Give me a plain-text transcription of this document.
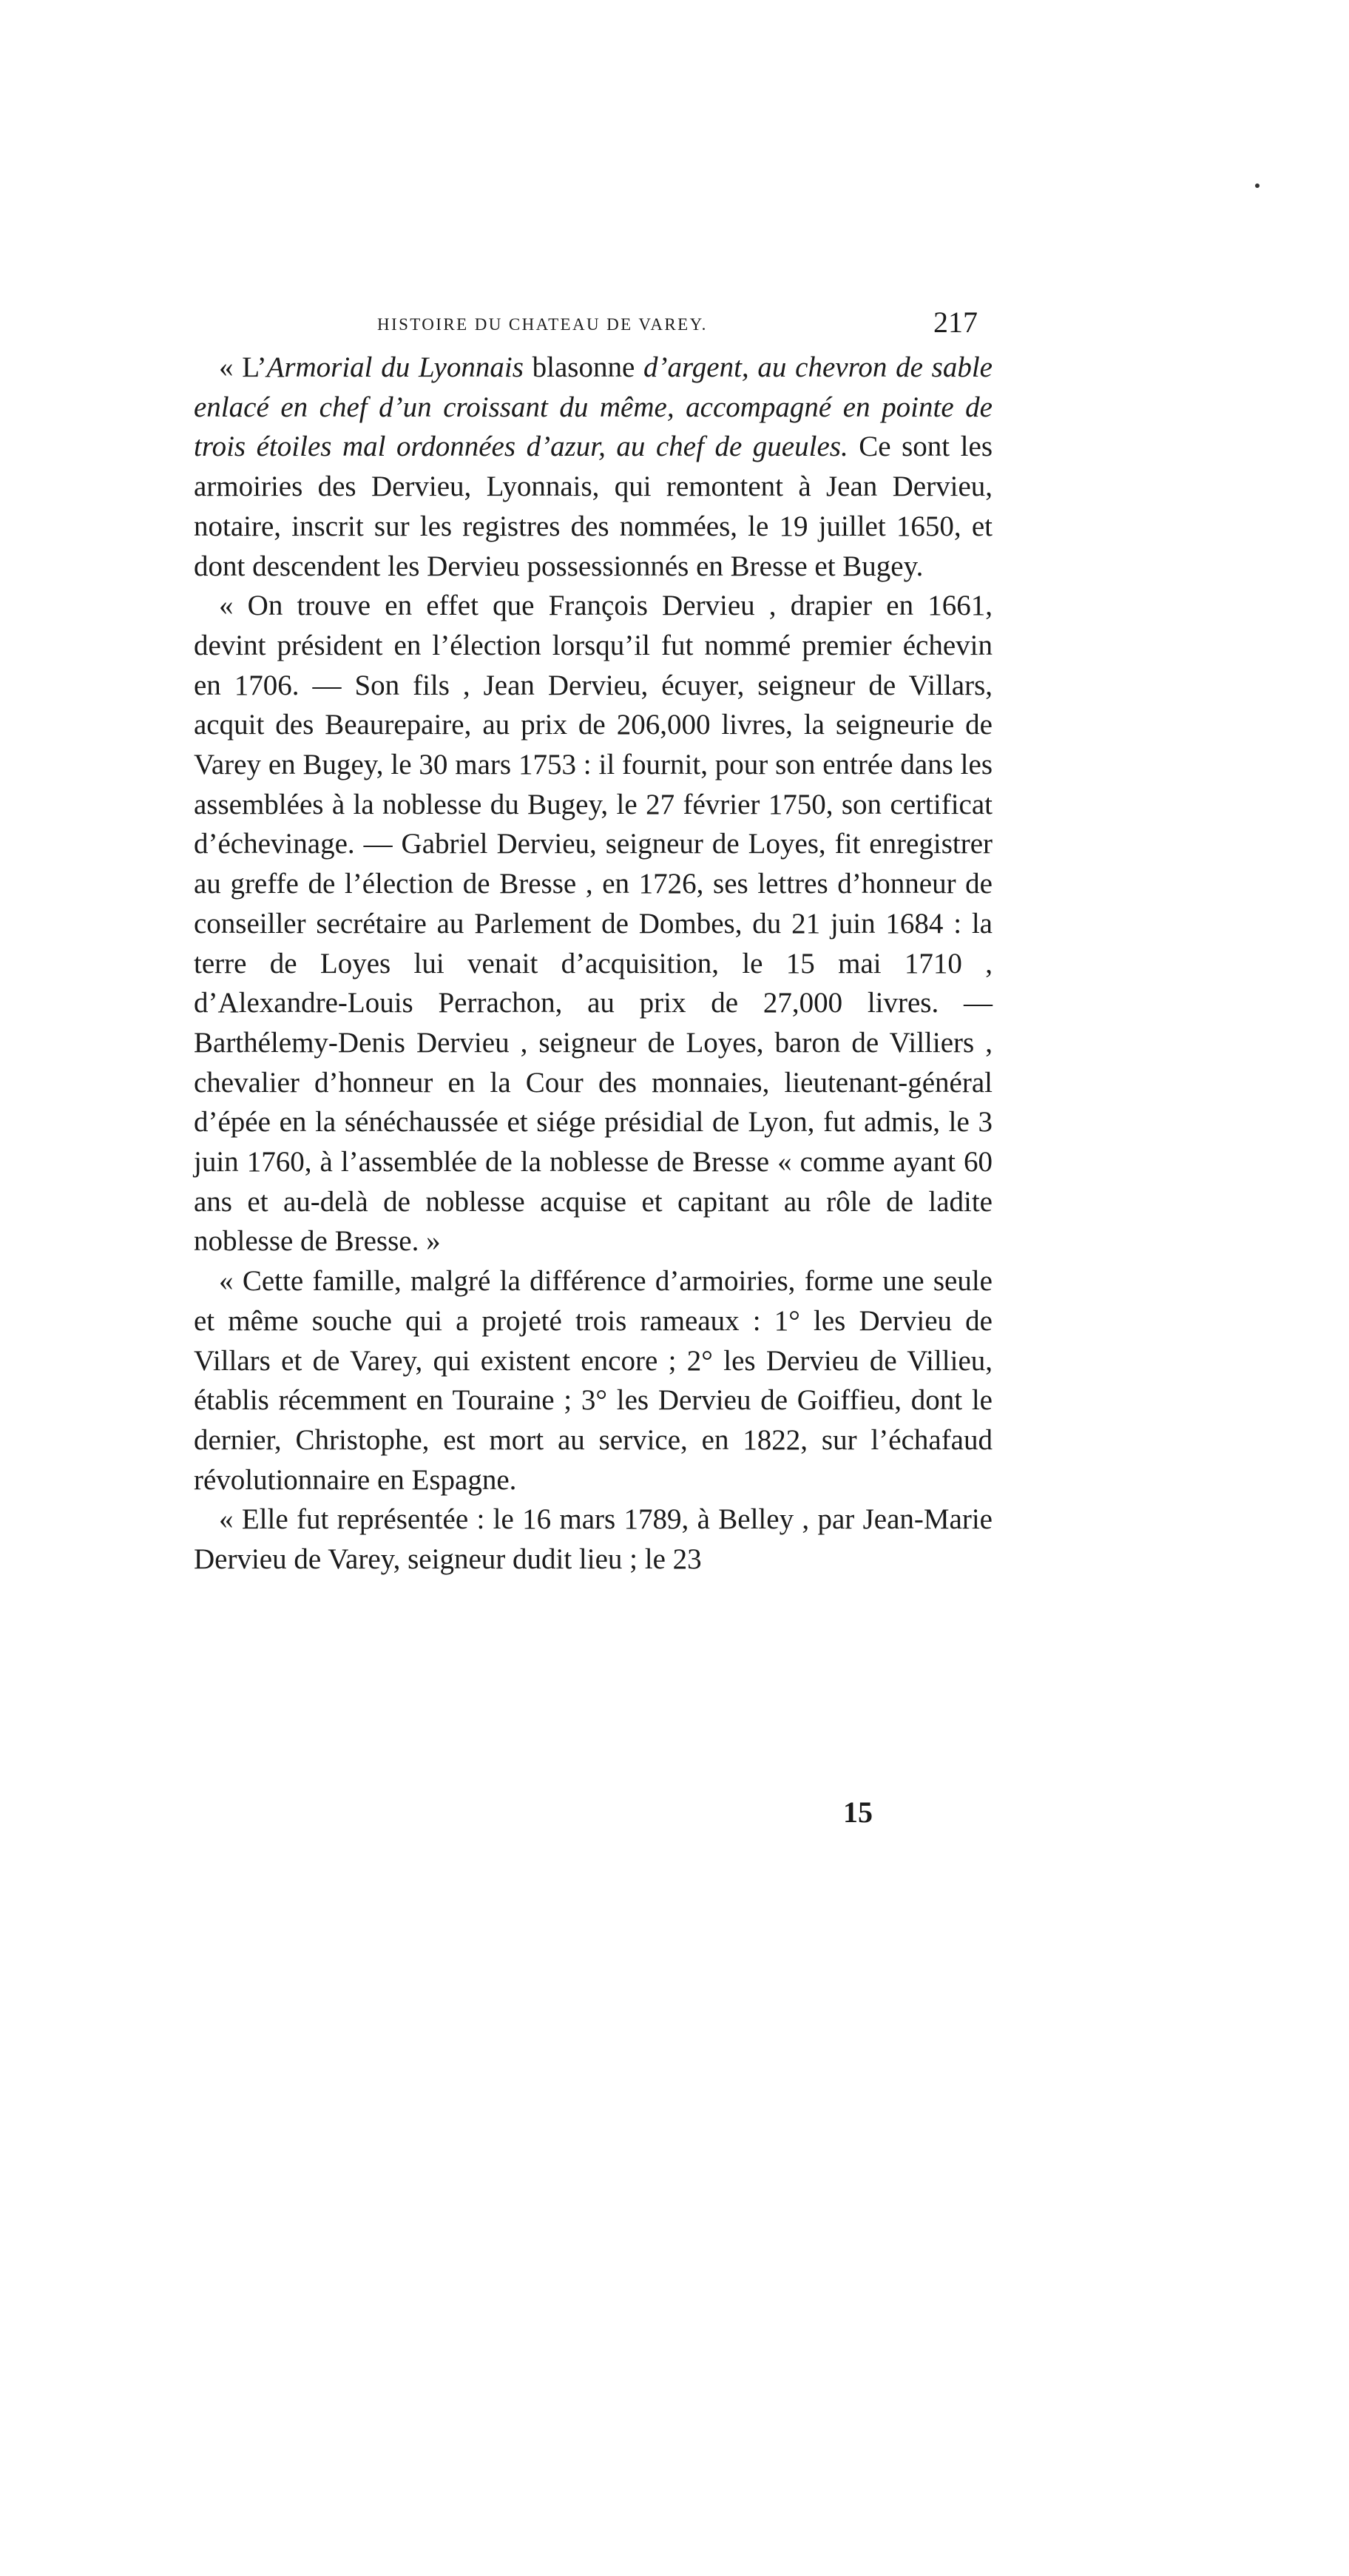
HISTOIRE DU CHATEAU DE VAREY.	217

« L’Armorial du Lyonnais blasonne d’argent, au chevron de sable enlacé en chef d’un croissant du même, accompagné en pointe de trois étoiles mal ordonnées d’azur, au chef de gueules. Ce sont les armoiries des Dervieu, Lyonnais, qui remontent à Jean Dervieu, notaire, inscrit sur les registres des nommées, le 19 juillet 1650, et dont descendent les Dervieu possessionnés en Bresse et Bugey.

« On trouve en effet que François Dervieu , drapier en 1661, devint président en l’élection lorsqu’il fut nommé premier échevin en 1706. — Son fils , Jean Dervieu, écuyer, seigneur de Villars, acquit des Beaurepaire, au prix de 206,000 livres, la seigneurie de Varey en Bugey, le 30 mars 1753 : il fournit, pour son entrée dans les assemblées à la noblesse du Bugey, le 27 février 1750, son certificat d’échevinage. — Gabriel Dervieu, seigneur de Loyes, fit enregistrer au greffe de l’élection de Bresse , en 1726, ses lettres d’honneur de conseiller secrétaire au Parlement de Dombes, du 21 juin 1684 : la terre de Loyes lui venait d’acquisition, le 15 mai 1710 , d’Alexandre-Louis Perrachon, au prix de 27,000 livres. — Barthélemy-Denis Dervieu , seigneur de Loyes, baron de Villiers , chevalier d’honneur en la Cour des monnaies, lieutenant-général d’épée en la sénéchaussée et siége présidial de Lyon, fut admis, le 3 juin 1760, à l’assemblée de la noblesse de Bresse « comme ayant 60 ans et au-delà de noblesse acquise et capitant au rôle de ladite noblesse de Bresse. »

« Cette famille, malgré la différence d’armoiries, forme une seule et même souche qui a projeté trois rameaux : 1° les Dervieu de Villars et de Varey, qui existent encore ; 2° les Dervieu de Villieu, établis récemment en Touraine ; 3° les Dervieu de Goiffieu, dont le dernier, Christophe, est mort au service, en 1822, sur l’échafaud révolutionnaire en Espagne.

« Elle fut représentée : le 16 mars 1789, à Belley , par Jean-Marie Dervieu de Varey, seigneur dudit lieu ; le 23

15
